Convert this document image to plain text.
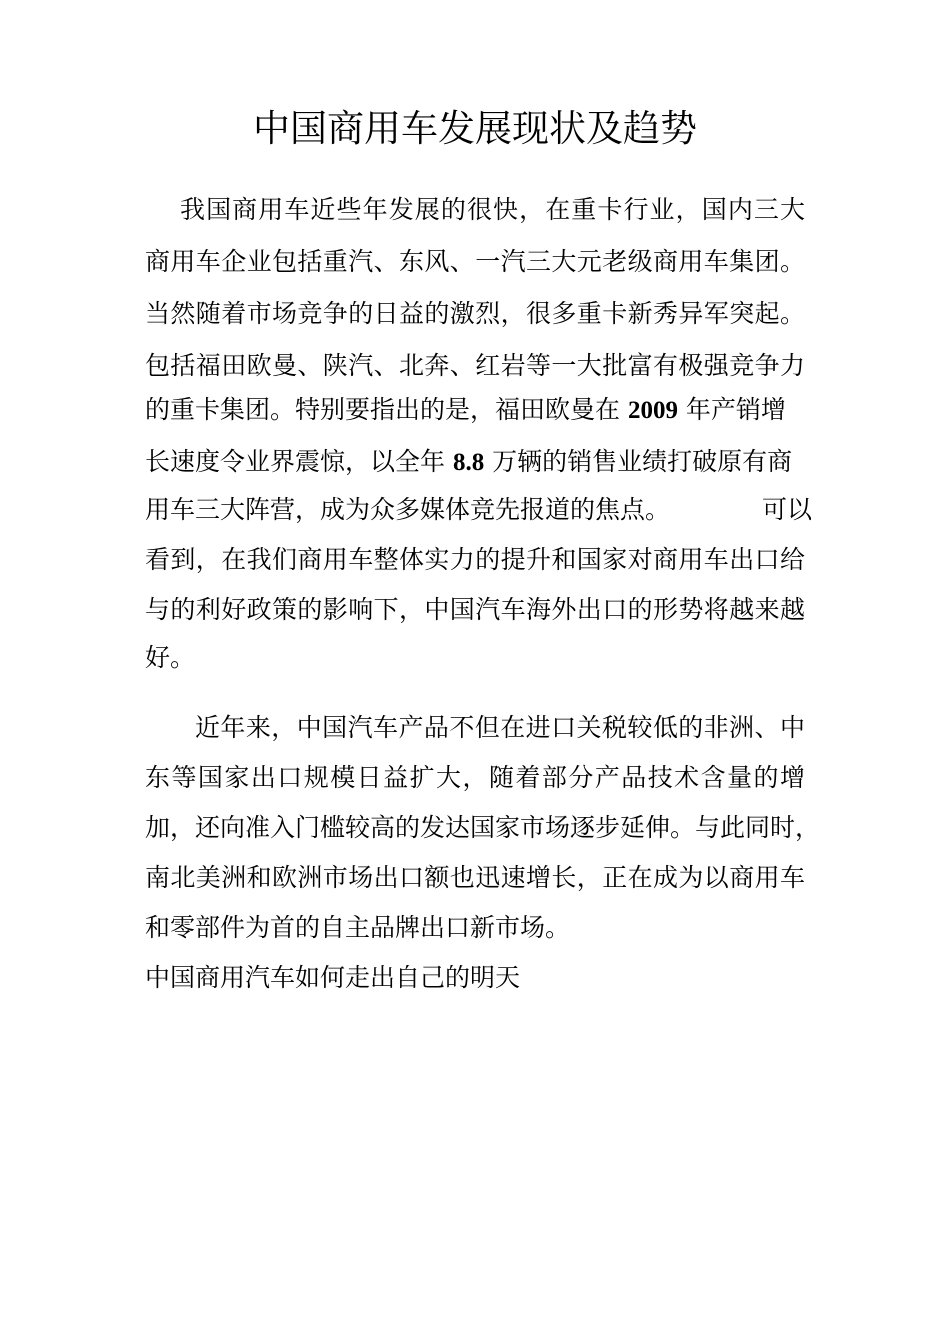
中国商用车发展现状及趋势

我国商用车近些年发展的很快，在重卡行业，国内三大

商用车企业包括重汽、东风、一汽三大元老级商用车集团。

当然随着市场竞争的日益的激烈，很多重卡新秀异军突起。

包括福田欧曼、陕汽、北奔、红岩等一大批富有极强竞争力

的重卡集团。特别要指出的是，福田欧曼在 2009 年产销增

长速度令业界震惊，以全年 8.8 万辆的销售业绩打破原有商

用车三大阵营，成为众多媒体竞先报道的焦点。	可以

看到，在我们商用车整体实力的提升和国家对商用车出口给

与的利好政策的影响下，中国汽车海外出口的形势将越来越

好。

近年来，中国汽车产品不但在进口关税较低的非洲、中

东等国家出口规模日益扩大，随着部分产品技术含量的增

加，还向准入门槛较高的发达国家市场逐步延伸。与此同时，

南北美洲和欧洲市场出口额也迅速增长，正在成为以商用车

和零部件为首的自主品牌出口新市场。

中国商用汽车如何走出自己的明天
